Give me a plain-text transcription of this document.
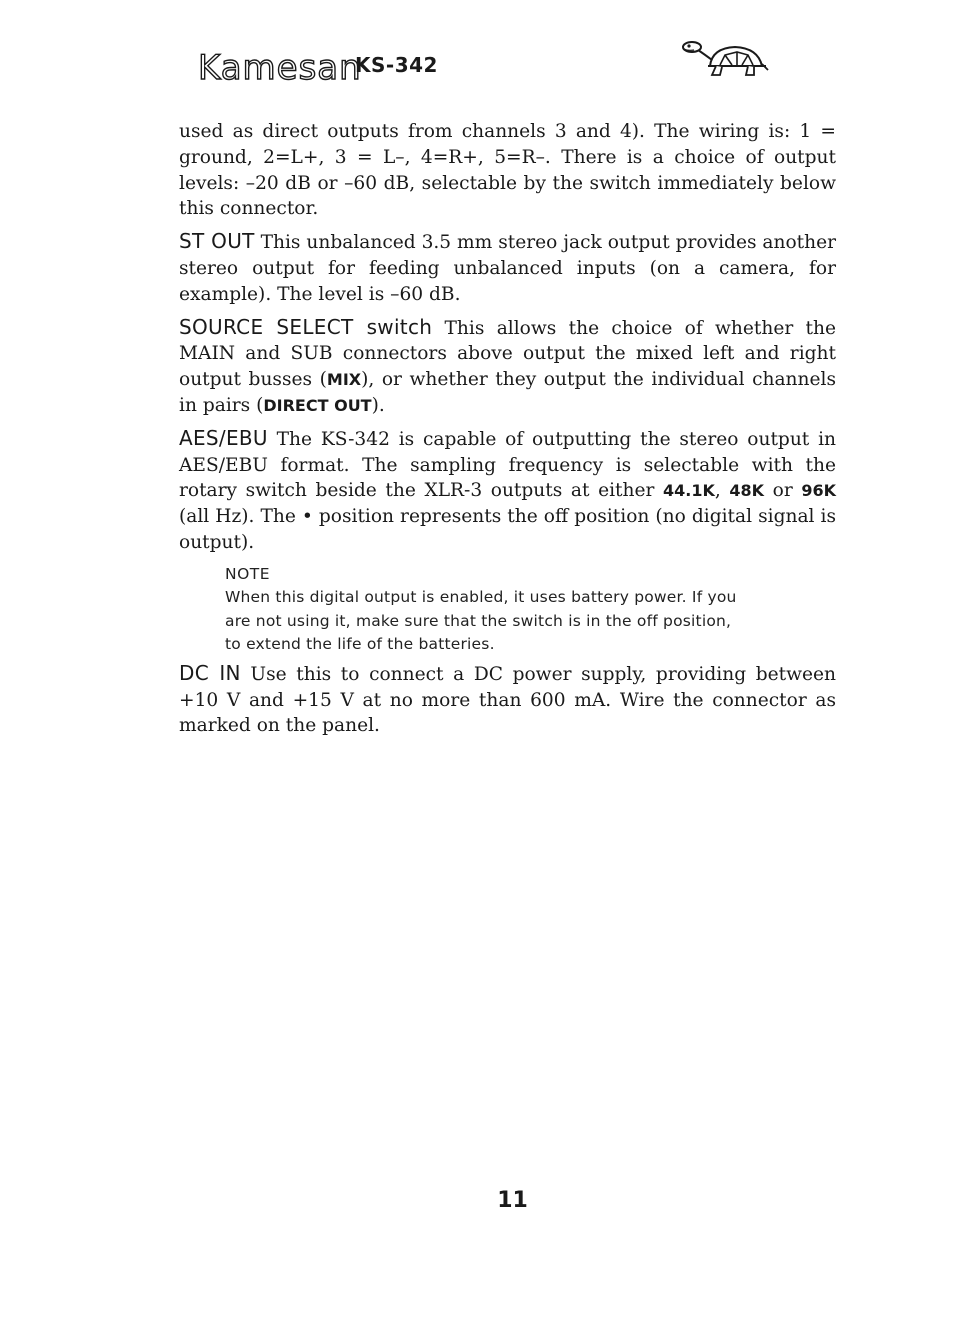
Kamesan
KS-342

used as direct outputs from channels 3 and 4). The wiring is: 1 = ground, 2=L+, 3 = L–, 4=R+, 5=R–. There is a choice of output levels: –20 dB or –60 dB, selectable by the switch immediately below this connector.

ST OUT This unbalanced 3.5 mm stereo jack output provides another stereo output for feeding unbalanced inputs (on a camera, for example). The level is –60 dB.

SOURCE SELECT switch This allows the choice of whether the MAIN and SUB connectors above output the mixed left and right output busses (MIX), or whether they output the individual channels in pairs (DIRECT OUT).

AES/EBU The KS-342 is capable of outputting the stereo output in AES/EBU format. The sampling frequency is selectable with the rotary switch beside the XLR-3 outputs at either 44.1K, 48K or 96K (all Hz). The • position represents the off position (no digital signal is output).

NOTE
When this digital output is enabled, it uses battery power. If you
are not using it, make sure that the switch is in the off position,
to extend the life of the batteries.

DC IN Use this to connect a DC power supply, providing between +10 V and +15 V at no more than 600 mA. Wire the connector as marked on the panel.

11
